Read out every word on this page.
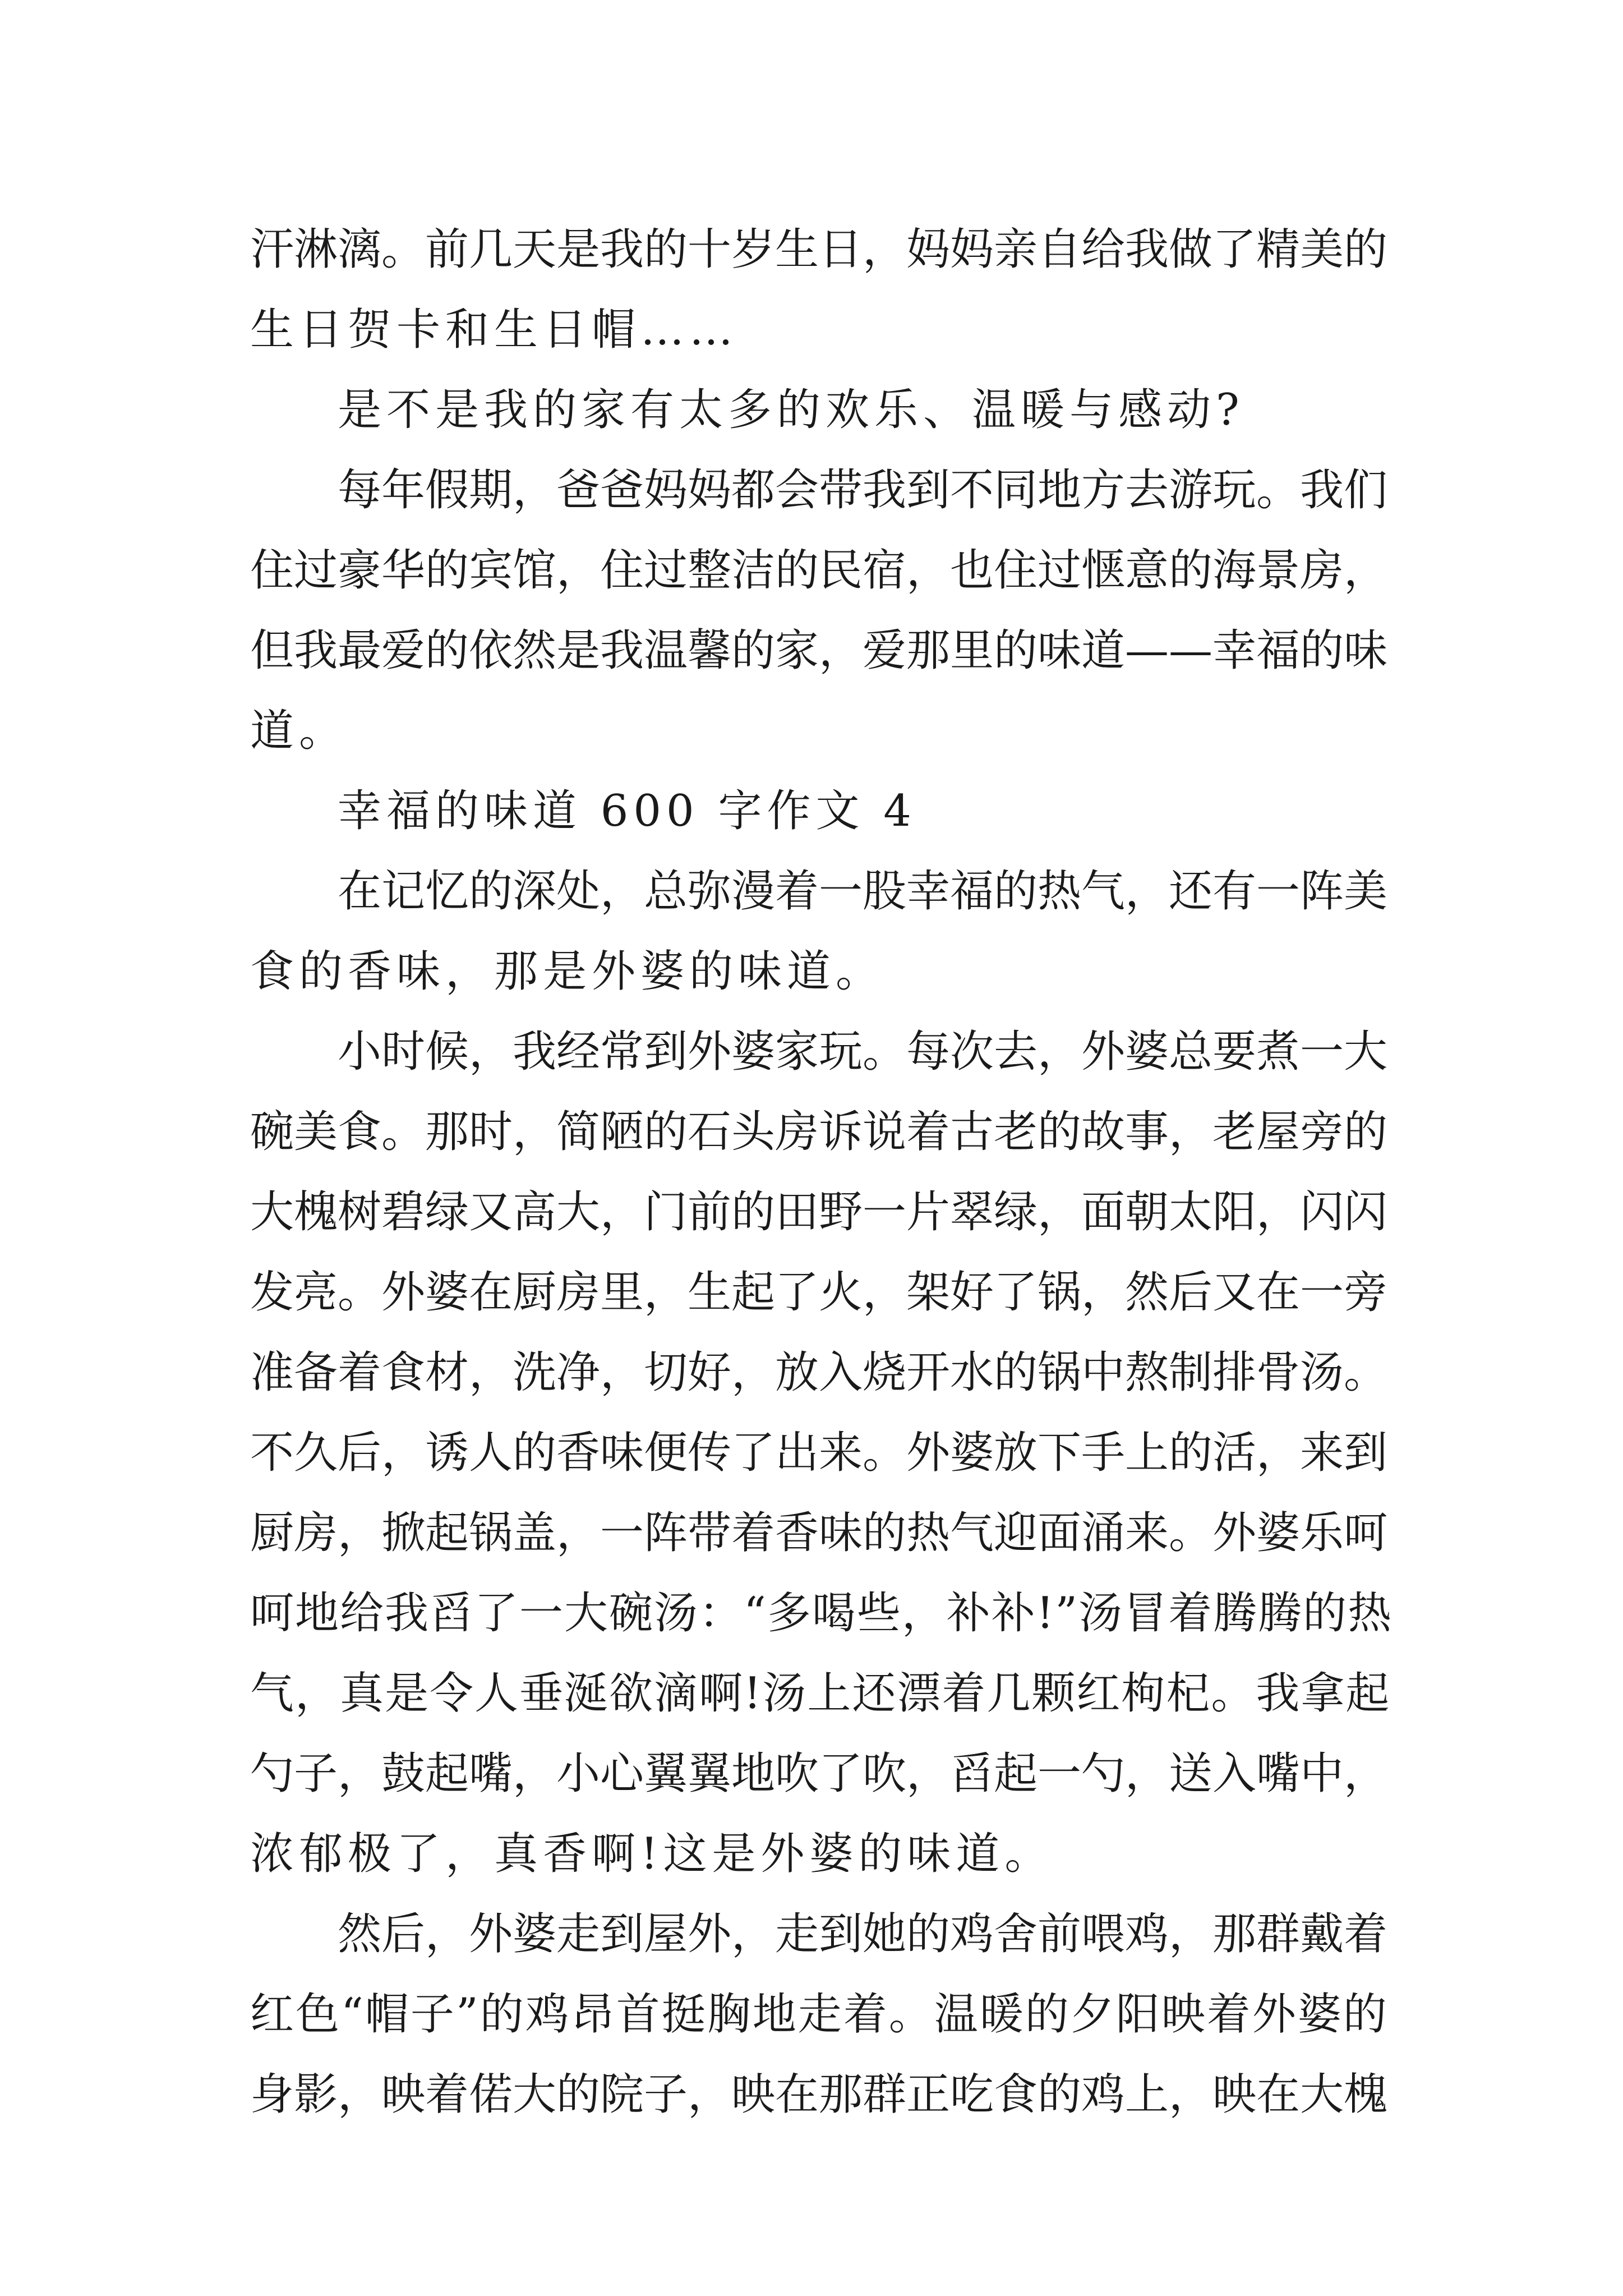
汗淋漓。前几天是我的十岁生日，妈妈亲自给我做了精美的
生日贺卡和生日帽……
是不是我的家有太多的欢乐、温暖与感动?
每年假期，爸爸妈妈都会带我到不同地方去游玩。我们
住过豪华的宾馆，住过整洁的民宿，也住过惬意的海景房，
但我最爱的依然是我温馨的家，爱那里的味道——幸福的味
道。
幸福的味道 600 字作文 4
在记忆的深处，总弥漫着一股幸福的热气，还有一阵美
食的香味，那是外婆的味道。
小时候，我经常到外婆家玩。每次去，外婆总要煮一大
碗美食。那时，简陋的石头房诉说着古老的故事，老屋旁的
大槐树碧绿又高大，门前的田野一片翠绿，面朝太阳，闪闪
发亮。外婆在厨房里，生起了火，架好了锅，然后又在一旁
准备着食材，洗净，切好，放入烧开水的锅中熬制排骨汤。
不久后，诱人的香味便传了出来。外婆放下手上的活，来到
厨房，掀起锅盖，一阵带着香味的热气迎面涌来。外婆乐呵
呵地给我舀了一大碗汤：“多喝些，补补!”汤冒着腾腾的热
气，真是令人垂涎欲滴啊!汤上还漂着几颗红枸杞。我拿起
勺子，鼓起嘴，小心翼翼地吹了吹，舀起一勺，送入嘴中，
浓郁极了，真香啊!这是外婆的味道。
然后，外婆走到屋外，走到她的鸡舍前喂鸡，那群戴着
红色“帽子”的鸡昂首挺胸地走着。温暖的夕阳映着外婆的
身影，映着偌大的院子，映在那群正吃食的鸡上，映在大槐
